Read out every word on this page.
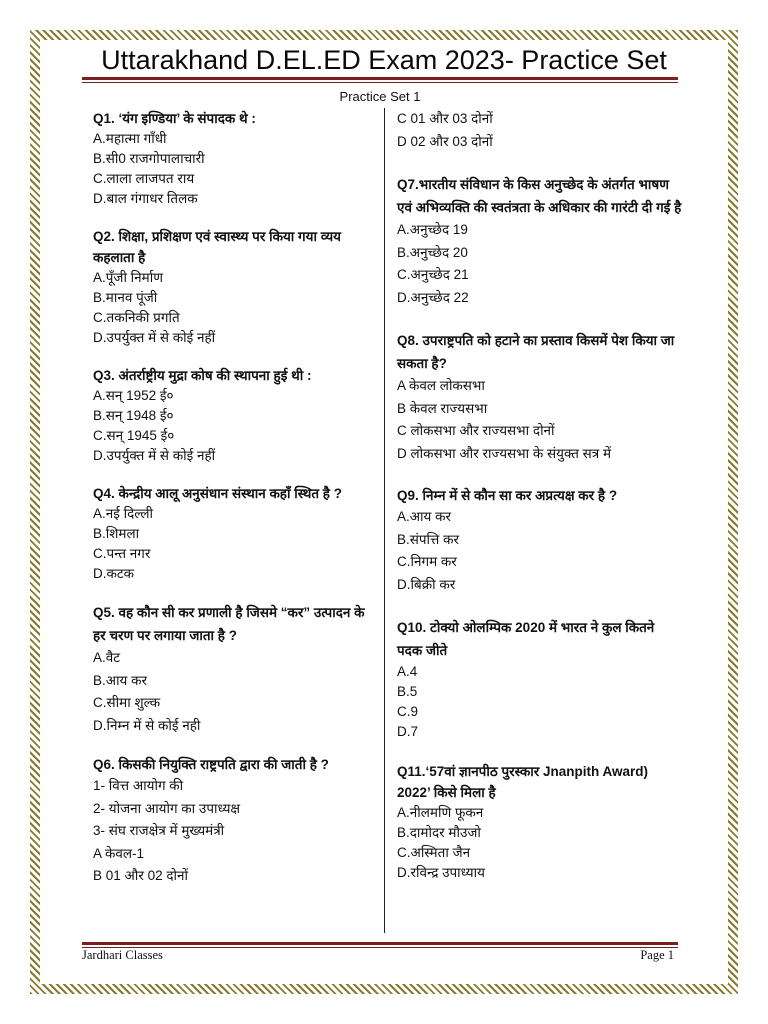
Uttarakhand D.EL.ED Exam 2023- Practice Set
Practice Set 1

Q1. ‘यंग इण्डिया’ के संपादक थे :

A.महात्मा गाँधी

B.सी0 राजगोपालाचारी

C.लाला लाजपत राय

D.बाल गंगाधर तिलक

Q2. शिक्षा, प्रशिक्षण एवं स्वास्थ्य पर किया गया व्यय कहलाता है

A.पूँजी निर्माण

B.मानव पूंजी

C.तकनिकी प्रगति

D.उपर्युक्त में से कोई नहीं

Q3. अंतर्राष्ट्रीय मुद्रा कोष की स्थापना हुई थी :

A.सन् 1952 ई०

B.सन् 1948 ई०

C.सन् 1945 ई०

D.उपर्युक्त में से कोई नहीं

Q4. केन्द्रीय आलू अनुसंधान संस्थान कहाँ स्थित है ?

A.नई दिल्ली

B.शिमला

C.पन्त नगर

D.कटक

Q5. वह कौन सी कर प्रणाली है जिसमे “कर” उत्पादन के हर चरण पर लगाया जाता है ?

A.वैट

B.आय कर

C.सीमा शुल्क

D.निम्न में से कोई नही

Q6. किसकी नियुक्ति राष्ट्रपति द्वारा की जाती है ?

1- वित्त आयोग की

2- योजना आयोग का उपाध्यक्ष

3- संघ राजक्षेत्र में मुख्यमंत्री

A केवल-1

B 01 और 02 दोनों

C 01 और 03 दोनों

D 02 और 03 दोनों

Q7.भारतीय संविधान के किस अनुच्छेद के अंतर्गत भाषण एवं अभिव्यक्ति की स्वतंत्रता के अधिकार की गारंटी दी गई है

A.अनुच्छेद 19

B.अनुच्छेद 20

C.अनुच्छेद 21

D.अनुच्छेद 22

Q8. उपराष्ट्रपति को हटाने का प्रस्ताव किसमें पेश किया जा सकता है?

A केवल लोकसभा

B केवल राज्यसभा

C लोकसभा और राज्यसभा दोनों

D लोकसभा और राज्यसभा के संयुक्त सत्र में

Q9. निम्न में से कौन सा कर अप्रत्यक्ष कर है ?

A.आय कर

B.संपत्ति कर

C.निगम कर

D.बिक्री कर

Q10. टोक्यो ओलम्पिक 2020 में भारत ने कुल कितने पदक जीते

A.4

B.5

C.9

D.7

Q11.‘57वां ज्ञानपीठ पुरस्कार Jnanpith Award) 2022’ किसे मिला है

A.नीलमणि फूकन

B.दामोदर मौउजो

C.अस्मिता जैन

D.रविन्द्र उपाध्याय

Jardhari Classes	Page 1
